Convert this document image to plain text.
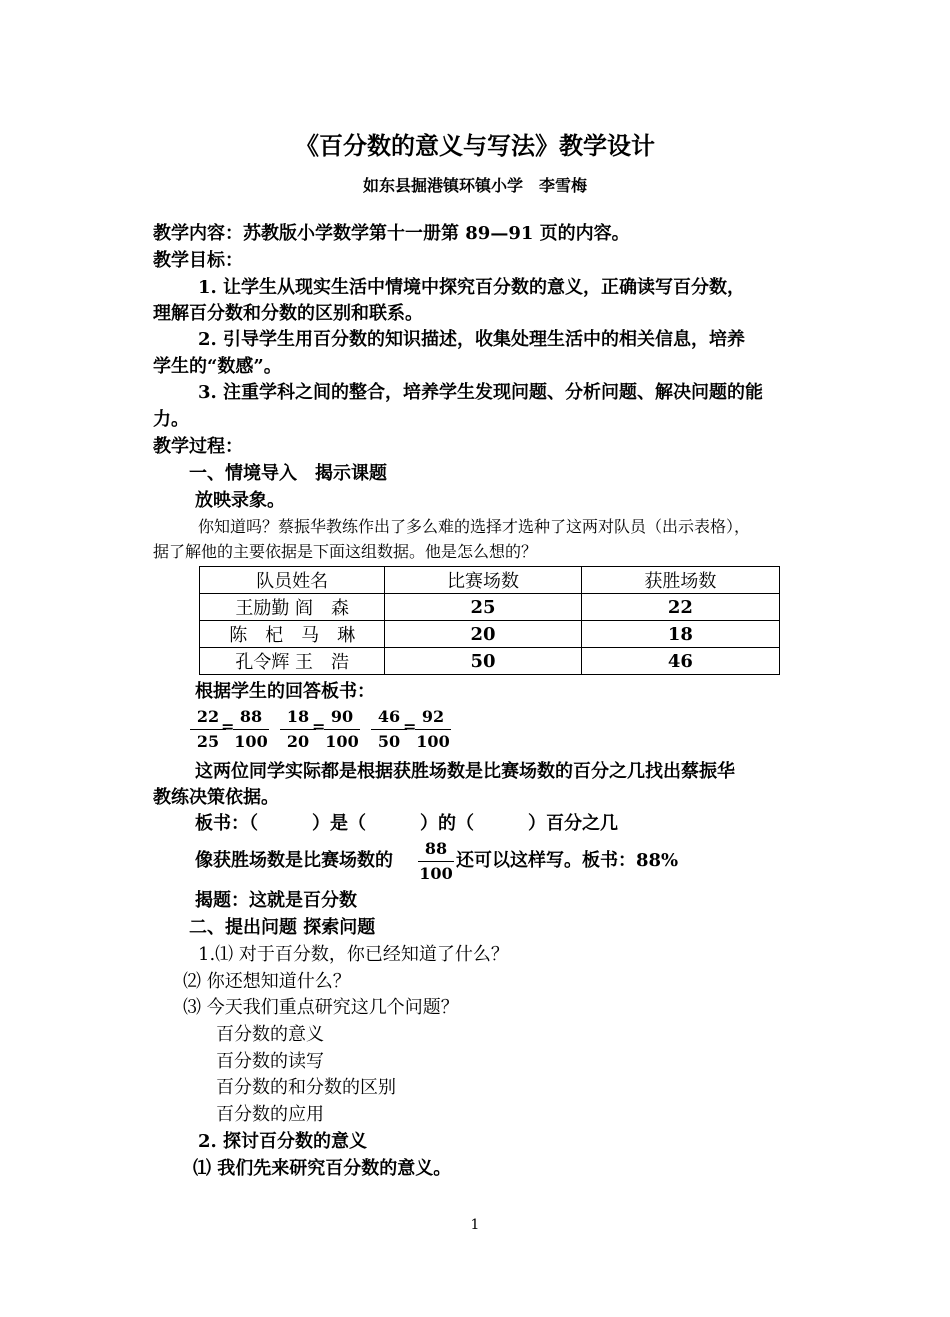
《百分数的意义与写法》教学设计
如东县掘港镇环镇小学　李雪梅
教学内容：苏教版小学数学第十一册第 89—91 页的内容。
教学目标：
1. 让学生从现实生活中情境中探究百分数的意义，正确读写百分数，
理解百分数和分数的区别和联系。
2. 引导学生用百分数的知识描述，收集处理生活中的相关信息，培养
学生的“数感”。
3. 注重学科之间的整合，培养学生发现问题、分析问题、解决问题的能
力。
教学过程：
一、情境导入　揭示课题
放映录象。
你知道吗？蔡振华教练作出了多么难的选择才选种了这两对队员（出示表格），
据了解他的主要依据是下面这组数据。他是怎么想的？
队员姓名	比赛场数	获胜场数
王励勤 阎　森	25	22
陈　杞　马　琳	20	18
孔令辉 王　浩	50	46
根据学生的回答板书：
22
25
=
88
100
18
20
=
90
100
46
50
=
92
100
这两位同学实际都是根据获胜场数是比赛场数的百分之几找出蔡振华
教练决策依据。
板书：（　　　）是（　　　）的（　　　）百分之几
像获胜场数是比赛场数的
88
100
还可以这样写。板书：88%
揭题：这就是百分数
二、提出问题 探索问题
1.⑴ 对于百分数，你已经知道了什么？
⑵ 你还想知道什么？
⑶ 今天我们重点研究这几个问题？
百分数的意义
百分数的读写
百分数的和分数的区别
百分数的应用
2. 探讨百分数的意义
⑴ 我们先来研究百分数的意义。
1
